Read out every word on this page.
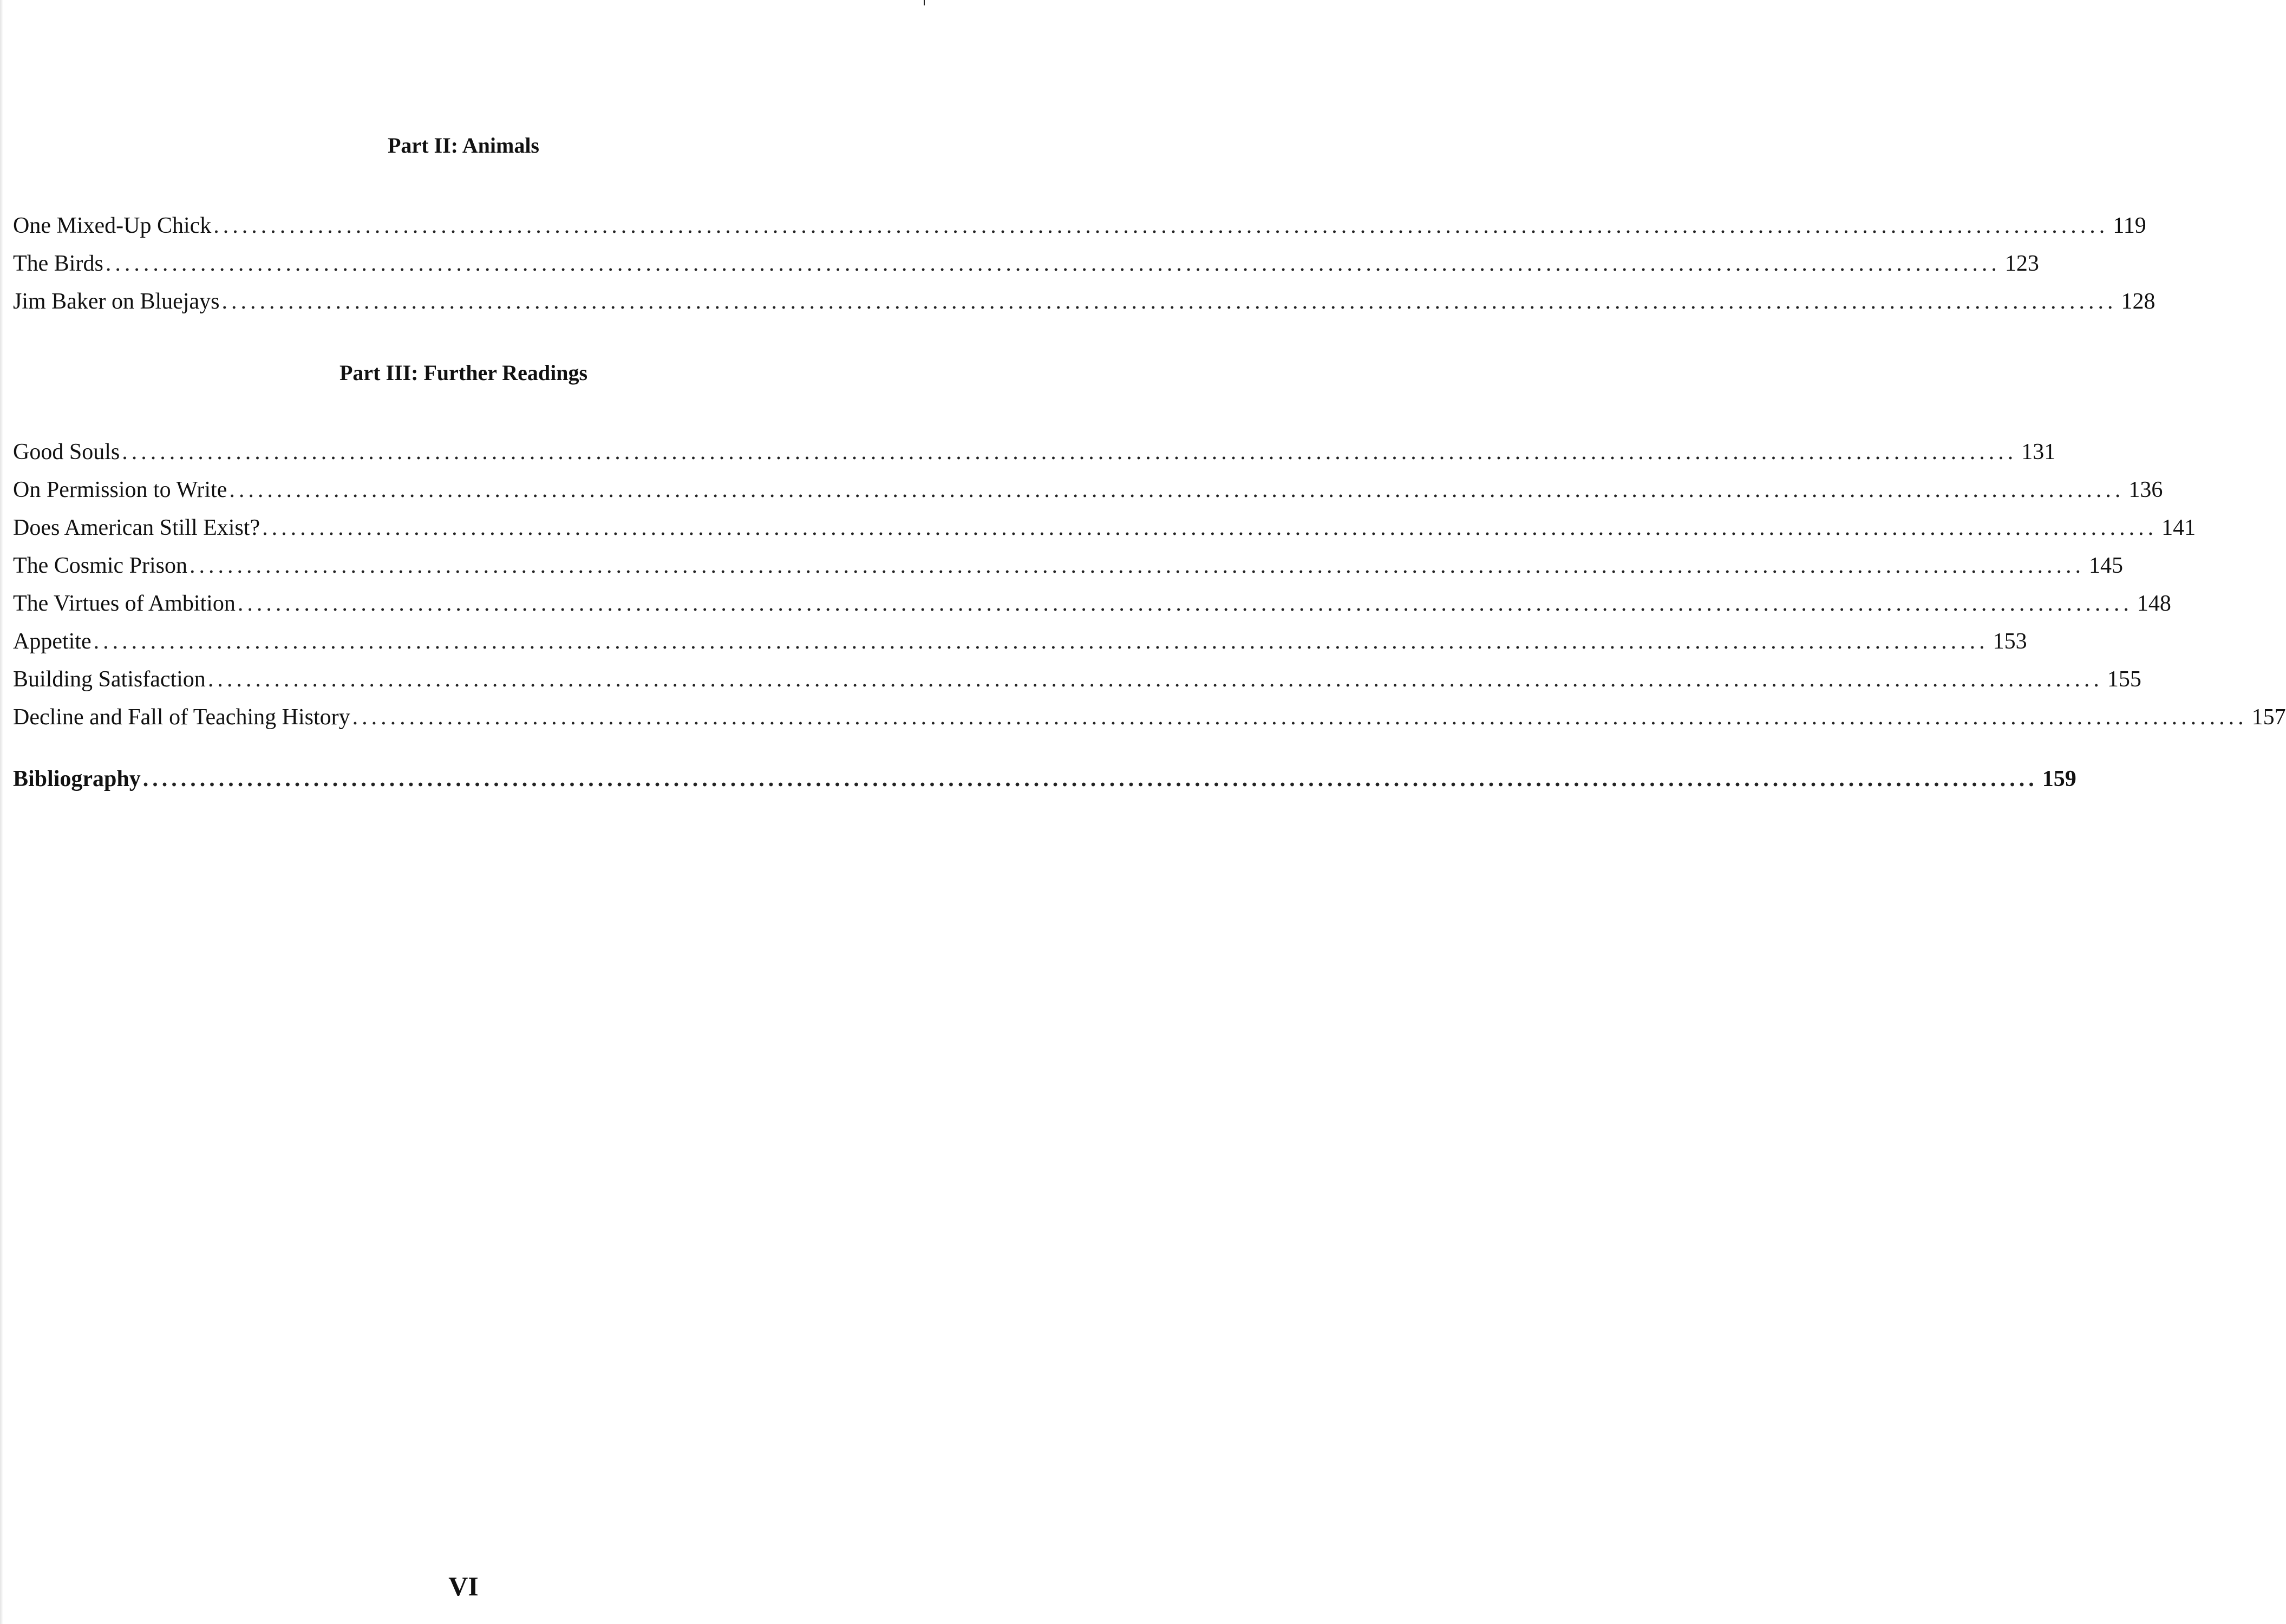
Part II: Animals
One Mixed-Up Chick ........................................................................................................................................................................................................ 119
The Birds ........................................................................................................................................................................................................ 123
Jim Baker on Bluejays ........................................................................................................................................................................................................ 128
Part III: Further Readings
Good Souls ........................................................................................................................................................................................................ 131
On Permission to Write ........................................................................................................................................................................................................ 136
Does American Still Exist? ........................................................................................................................................................................................................ 141
The Cosmic Prison ........................................................................................................................................................................................................ 145
The Virtues of Ambition ........................................................................................................................................................................................................ 148
Appetite ........................................................................................................................................................................................................ 153
Building Satisfaction ........................................................................................................................................................................................................ 155
Decline and Fall of Teaching History ........................................................................................................................................................................................................ 157
Bibliography ........................................................................................................................................................................................................ 159
VI
